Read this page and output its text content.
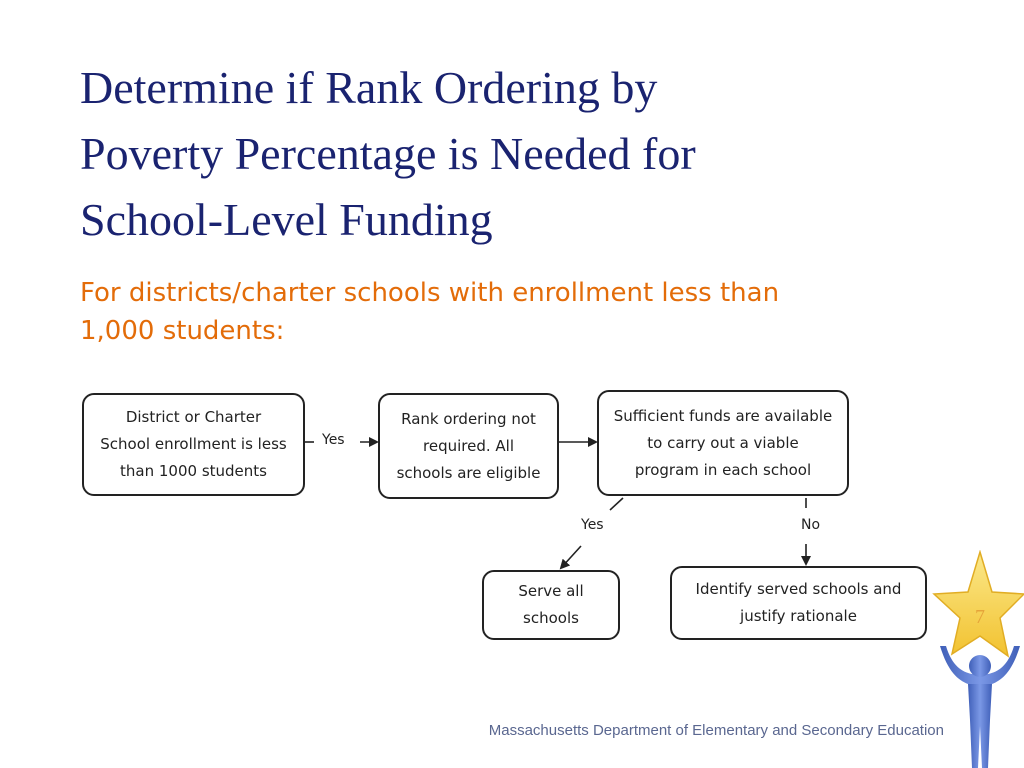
Determine if Rank Ordering by
Poverty Percentage is Needed for
School-Level Funding
For districts/charter schools with enrollment less than
1,000 students:
District or Charter
School enrollment is less
than 1000 students
Yes
Rank ordering not
required. All
schools are eligible
Sufficient funds are available
to carry out a viable
program in each school
Yes	No
Serve all
schools
Identify served schools and
justify rationale	7
Massachusetts Department of Elementary and Secondary Education
